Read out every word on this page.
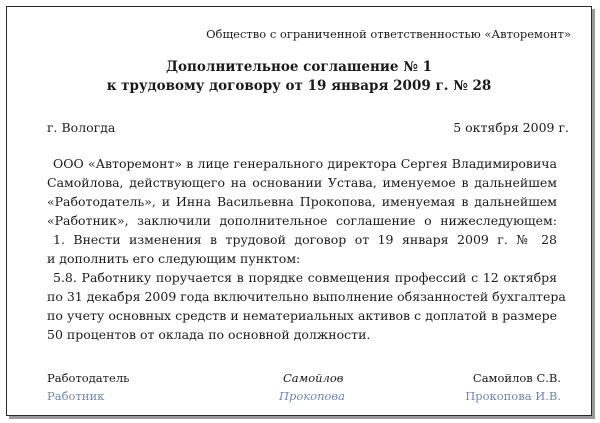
Общество с ограниченной ответственностью «Авторемонт»
Дополнительное соглашение № 1
к трудовому договору от 19 января 2009 г. № 28
г. Вологда	5 октября 2009 г.
ООО «Авторемонт» в лице генерального директора Сергея Владимировича
Самойлова, действующего на основании Устава, именуемое в дальнейшем
«Работодатель», и Инна Васильевна Прокопова, именуемая в дальнейшем
«Работник», заключили дополнительное соглашение о нижеследующем:
1. Внести изменения в трудовой договор от 19 января 2009 г. № 28
и дополнить его следующим пунктом:
5.8. Работнику поручается в порядке совмещения профессий с 12 октября
по 31 декабря 2009 года включительно выполнение обязанностей бухгалтера
по учету основных средств и нематериальных активов с доплатой в размере
50 процентов от оклада по основной должности.
Работодатель	Самойлов	Самойлов С.В.
Работник	Прокопова	Прокопова И.В.
